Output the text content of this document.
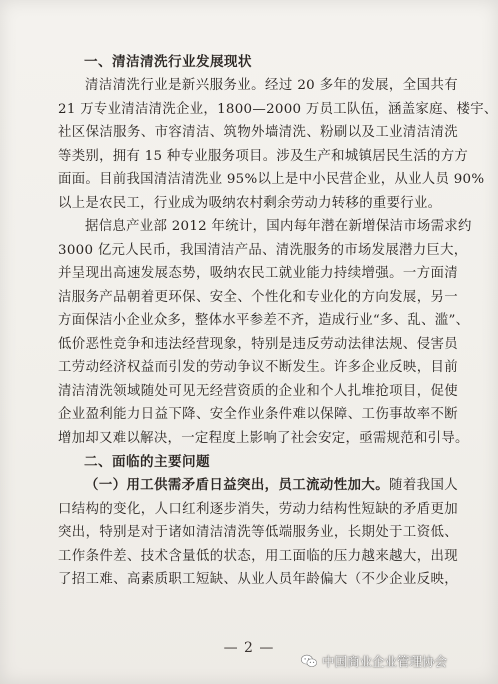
一、清洁清洗行业发展现状

清洁清洗行业是新兴服务业。经过 20 多年的发展，全国共有

21 万专业清洁清洗企业，1800—2000 万员工队伍，涵盖家庭、楼宇、

社区保洁服务、市容清洁、筑物外墙清洗、粉刷以及工业清洁清洗

等类别，拥有 15 种专业服务项目。涉及生产和城镇居民生活的方方

面面。目前我国清洁清洗业 95%以上是中小民营企业，从业人员 90%

以上是农民工，行业成为吸纳农村剩余劳动力转移的重要行业。

据信息产业部 2012 年统计，国内每年潜在新增保洁市场需求约

3000 亿元人民币，我国清洁产品、清洗服务的市场发展潜力巨大，

并呈现出高速发展态势，吸纳农民工就业能力持续增强。一方面清

洁服务产品朝着更环保、安全、个性化和专业化的方向发展，另一

方面保洁小企业众多，整体水平参差不齐，造成行业“多、乱、滥”、

低价恶性竞争和违法经营现象，特别是违反劳动法律法规、侵害员

工劳动经济权益而引发的劳动争议不断发生。许多企业反映，目前

清洁清洗领域随处可见无经营资质的企业和个人扎堆抢项目，促使

企业盈利能力日益下降、安全作业条件难以保障、工伤事故率不断

增加却又难以解决，一定程度上影响了社会安定，亟需规范和引导。

二、面临的主要问题

（一）用工供需矛盾日益突出，员工流动性加大。随着我国人

口结构的变化，人口红利逐步消失，劳动力结构性短缺的矛盾更加

突出，特别是对于诸如清洁清洗等低端服务业，长期处于工资低、

工作条件差、技术含量低的状态，用工面临的压力越来越大，出现

了招工难、高素质职工短缺、从业人员年龄偏大（不少企业反映，

— 2 —
中国商业企业管理协会
